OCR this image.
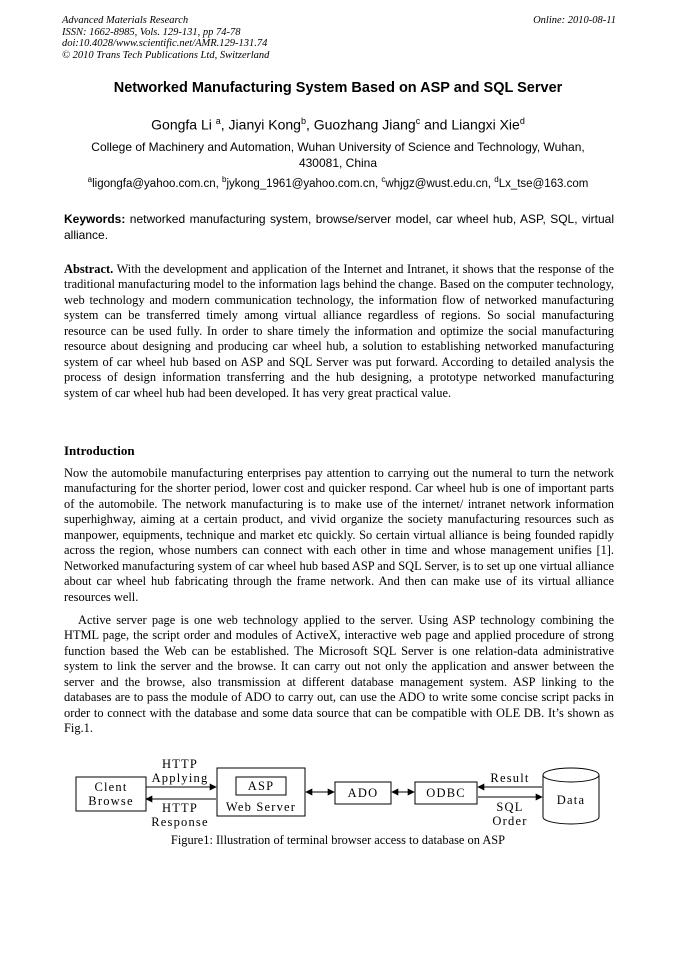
Advanced Materials Research
ISSN: 1662-8985, Vols. 129-131, pp 74-78
doi:10.4028/www.scientific.net/AMR.129-131.74
© 2010 Trans Tech Publications Ltd, Switzerland
Online: 2010-08-11
Networked Manufacturing System Based on ASP and SQL Server
Gongfa Li $^a$, Jianyi Kong$^b$, Guozhang Jiang$^c$ and Liangxi Xie$^d$
College of Machinery and Automation, Wuhan University of Science and Technology, Wuhan, 430081, China
$^a$ligongfa@yahoo.com.cn, $^b$jykong_1961@yahoo.com.cn, $^c$whjgz@wust.edu.cn, $^d$Lx_tse@163.com
Keywords: networked manufacturing system, browse/server model, car wheel hub, ASP, SQL, virtual alliance.
Abstract. With the development and application of the Internet and Intranet, it shows that the response of the traditional manufacturing model to the information lags behind the change. Based on the computer technology, web technology and modern communication technology, the information flow of networked manufacturing system can be transferred timely among virtual alliance regardless of regions. So social manufacturing resource can be used fully. In order to share timely the information and optimize the social manufacturing resource about designing and producing car wheel hub, a solution to establishing networked manufacturing system of car wheel hub based on ASP and SQL Server was put forward. According to detailed analysis the process of design information transferring and the hub designing, a prototype networked manufacturing system of car wheel hub had been developed. It has very great practical value.
Introduction
Now the automobile manufacturing enterprises pay attention to carrying out the numeral to turn the network manufacturing for the shorter period, lower cost and quicker respond. Car wheel hub is one of important parts of the automobile. The network manufacturing is to make use of the internet/ intranet network information superhighway, aiming at a certain product, and vivid organize the society manufacturing resources such as manpower, equipments, technique and market etc quickly. So certain virtual alliance is being founded rapidly across the region, whose numbers can connect with each other in time and whose management unifies [1]. Networked manufacturing system of car wheel hub based ASP and SQL Server, is to set up one virtual alliance about car wheel hub fabricating through the frame network. And then can make use of its virtual alliance resources well.
Active server page is one web technology applied to the server. Using ASP technology combining the HTML page, the script order and modules of ActiveX, interactive web page and applied procedure of strong function based the Web can be established. The Microsoft SQL Server is one relation-data administrative system to link the server and the browse. It can carry out not only the application and answer between the server and the browse, also transmission at different database management system. ASP linking to the databases are to pass the module of ADO to carry out, can use the ADO to write some concise script packs in order to connect with the database and some data source that can be compatible with OLE DB. It’s shown as Fig.1.
Clent
Browse
HTTP
Applying
HTTP
Response
ASP
Web Server
ADO	ODBC
Result
SQL
Order
Data
Figure1: Illustration of terminal browser access to database on ASP
